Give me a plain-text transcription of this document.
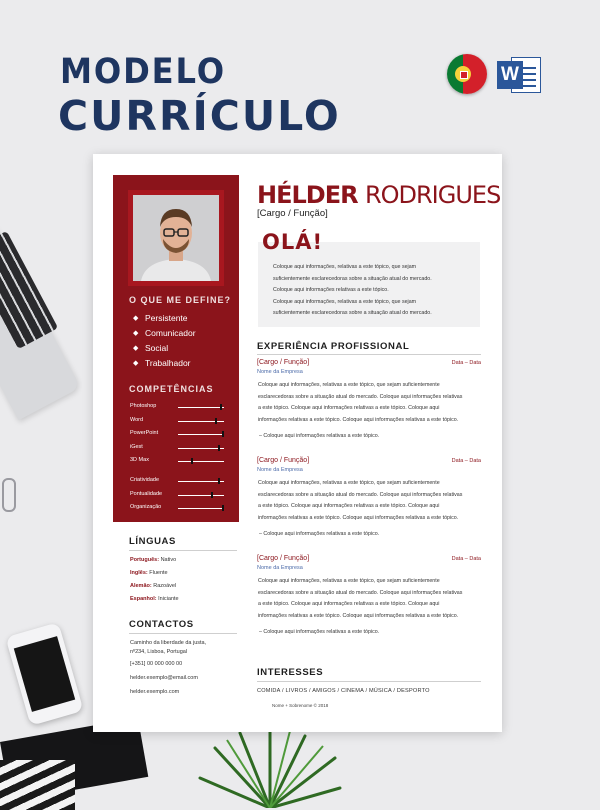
MODELO
CURRÍCULO
W
O QUE ME DEFINE?
◆ Persistente
◆ Comunicador
◆ Social
◆ Trabalhador
COMPETÊNCIAS
Photoshop
Word
PowerPoint
iGest
3D Max
Criatividade
Pontualidade
Organização
HÉLDER RODRIGUES
[Cargo / Função]
OLÁ!
Coloque aqui informações, relativas a este tópico, que sejam
suficientemente esclarecedoras sobre a situação atual do mercado.
Coloque aqui informações relativas a este tópico.
Coloque aqui informações, relativas a este tópico, que sejam
suficientemente esclarecedoras sobre a situação atual do mercado.
EXPERIÊNCIA PROFISSIONAL
[Cargo / Função]	Data – Data
Nome da Empresa
Coloque aqui informações, relativas a este tópico, que sejam suficientemente
esclarecedoras sobre a situação atual do mercado. Coloque aqui informações relativas
a este tópico. Coloque aqui informações relativas a este tópico. Coloque aqui
informações relativas a este tópico. Coloque aqui informações relativas a este tópico.
– Coloque aqui informações relativas a este tópico.
[Cargo / Função]	Data – Data
Nome da Empresa
Coloque aqui informações, relativas a este tópico, que sejam suficientemente
esclarecedoras sobre a situação atual do mercado. Coloque aqui informações relativas
a este tópico. Coloque aqui informações relativas a este tópico. Coloque aqui
informações relativas a este tópico. Coloque aqui informações relativas a este tópico.
– Coloque aqui informações relativas a este tópico.
[Cargo / Função]	Data – Data
Nome da Empresa
Coloque aqui informações, relativas a este tópico, que sejam suficientemente
esclarecedoras sobre a situação atual do mercado. Coloque aqui informações relativas
a este tópico. Coloque aqui informações relativas a este tópico. Coloque aqui
informações relativas a este tópico. Coloque aqui informações relativas a este tópico.
– Coloque aqui informações relativas a este tópico.
LÍNGUAS
Português: Nativo
Inglês: Fluente
Alemão: Razoável
Espanhol: Iniciante
CONTACTOS
Caminho da liberdade da justa,
nº234, Lisboa, Portugal
[+351] 00 000 000 00
helder.exemplo@email.com
helder.exemplo.com
INTERESSES
COMIDA / LIVROS / AMIGOS / CINEMA / MÚSICA / DESPORTO
Nome + Sobrenome © 2018
